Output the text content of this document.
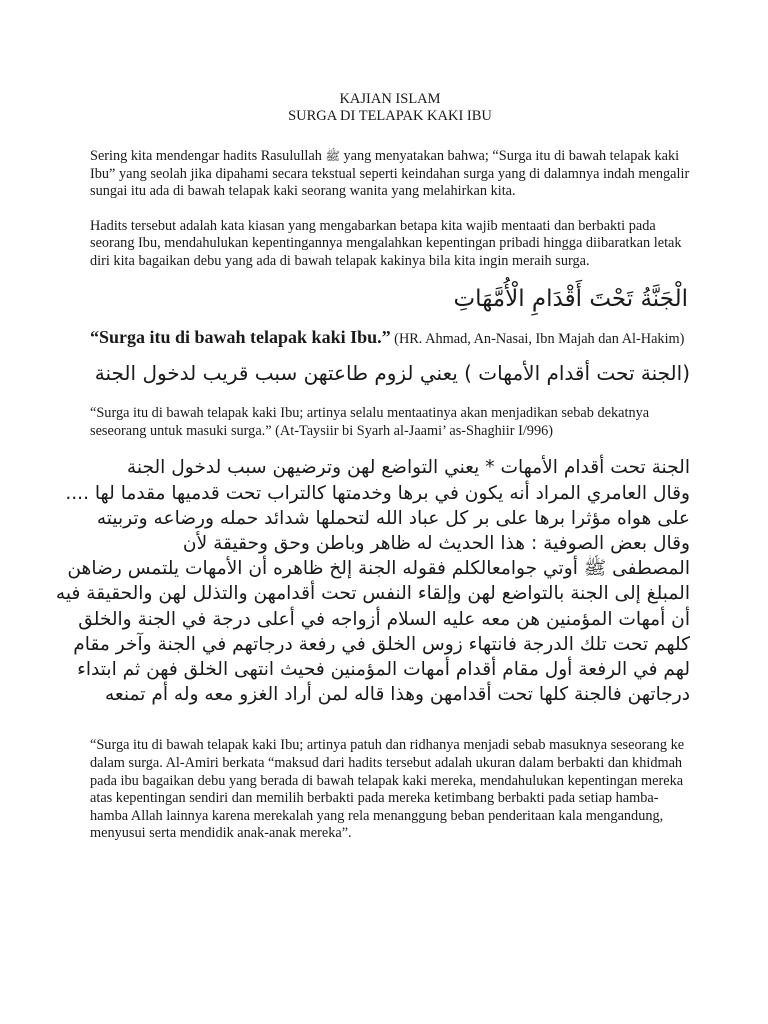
KAJIAN ISLAM

SURGA DI TELAPAK KAKI IBU

Sering kita mendengar hadits Rasulullah ﷺ yang menyatakan bahwa; “Surga itu di bawah telapak kaki Ibu” yang seolah jika dipahami secara tekstual seperti keindahan surga yang di dalamnya indah mengalir sungai itu ada di bawah telapak kaki seorang wanita yang melahirkan kita.

Hadits tersebut adalah kata kiasan yang mengabarkan betapa kita wajib mentaati dan berbakti pada seorang Ibu, mendahulukan kepentingannya mengalahkan kepentingan pribadi hingga diibaratkan letak diri kita bagaikan debu yang ada di bawah telapak kakinya bila kita ingin meraih surga.

الْجَنَّةُ تَحْتَ أَقْدَامِ الْأُمَّهَاتِ

“Surga itu di bawah telapak kaki Ibu.” (HR. Ahmad, An-Nasai, Ibn Majah dan Al-Hakim)

(الجنة تحت أقدام الأمهات ) يعني لزوم طاعتهن سبب قريب لدخول الجنة

“Surga itu di bawah telapak kaki Ibu; artinya selalu mentaatinya akan menjadikan sebab dekatnya seseorang untuk masuki surga.” (At-Taysiir bi Syarh al-Jaami’ as-Shaghiir I/996)

الجنة تحت أقدام الأمهات * يعني التواضع لهن وترضيهن سبب لدخول الجنة
وقال العامري المراد أنه يكون في برها وخدمتها كالتراب تحت قدميها مقدما لها ....
على هواه مؤثرا برها على بر كل عباد الله لتحملها شدائد حمله ورضاعه وتربيته
وقال بعض الصوفية : هذا الحديث له ظاهر وباطن وحق وحقيقة لأن
المصطفى ﷺ أوتي جوامعالكلم فقوله الجنة إلخ ظاهره أن الأمهات يلتمس رضاهن
المبلغ إلى الجنة بالتواضع لهن وإلقاء النفس تحت أقدامهن والتذلل لهن والحقيقة فيه
أن أمهات المؤمنين هن معه عليه السلام أزواجه في أعلى درجة في الجنة والخلق
كلهم تحت تلك الدرجة فانتهاء زوس الخلق في رفعة درجاتهم في الجنة وآخر مقام
لهم في الرفعة أول مقام أقدام أمهات المؤمنين فحيث انتهى الخلق فهن ثم ابتداء
درجاتهن فالجنة كلها تحت أقدامهن وهذا قاله لمن أراد الغزو معه وله أم تمنعه

“Surga itu di bawah telapak kaki Ibu; artinya patuh dan ridhanya menjadi sebab masuknya seseorang ke dalam surga. Al-Amiri berkata “maksud dari hadits tersebut adalah ukuran dalam berbakti dan khidmah pada ibu bagaikan debu yang berada di bawah telapak kaki mereka, mendahulukan kepentingan mereka atas kepentingan sendiri dan memilih berbakti pada mereka ketimbang berbakti pada setiap hamba-hamba Allah lainnya karena merekalah yang rela menanggung beban penderitaan kala mengandung, menyusui serta mendidik anak-anak mereka”.
